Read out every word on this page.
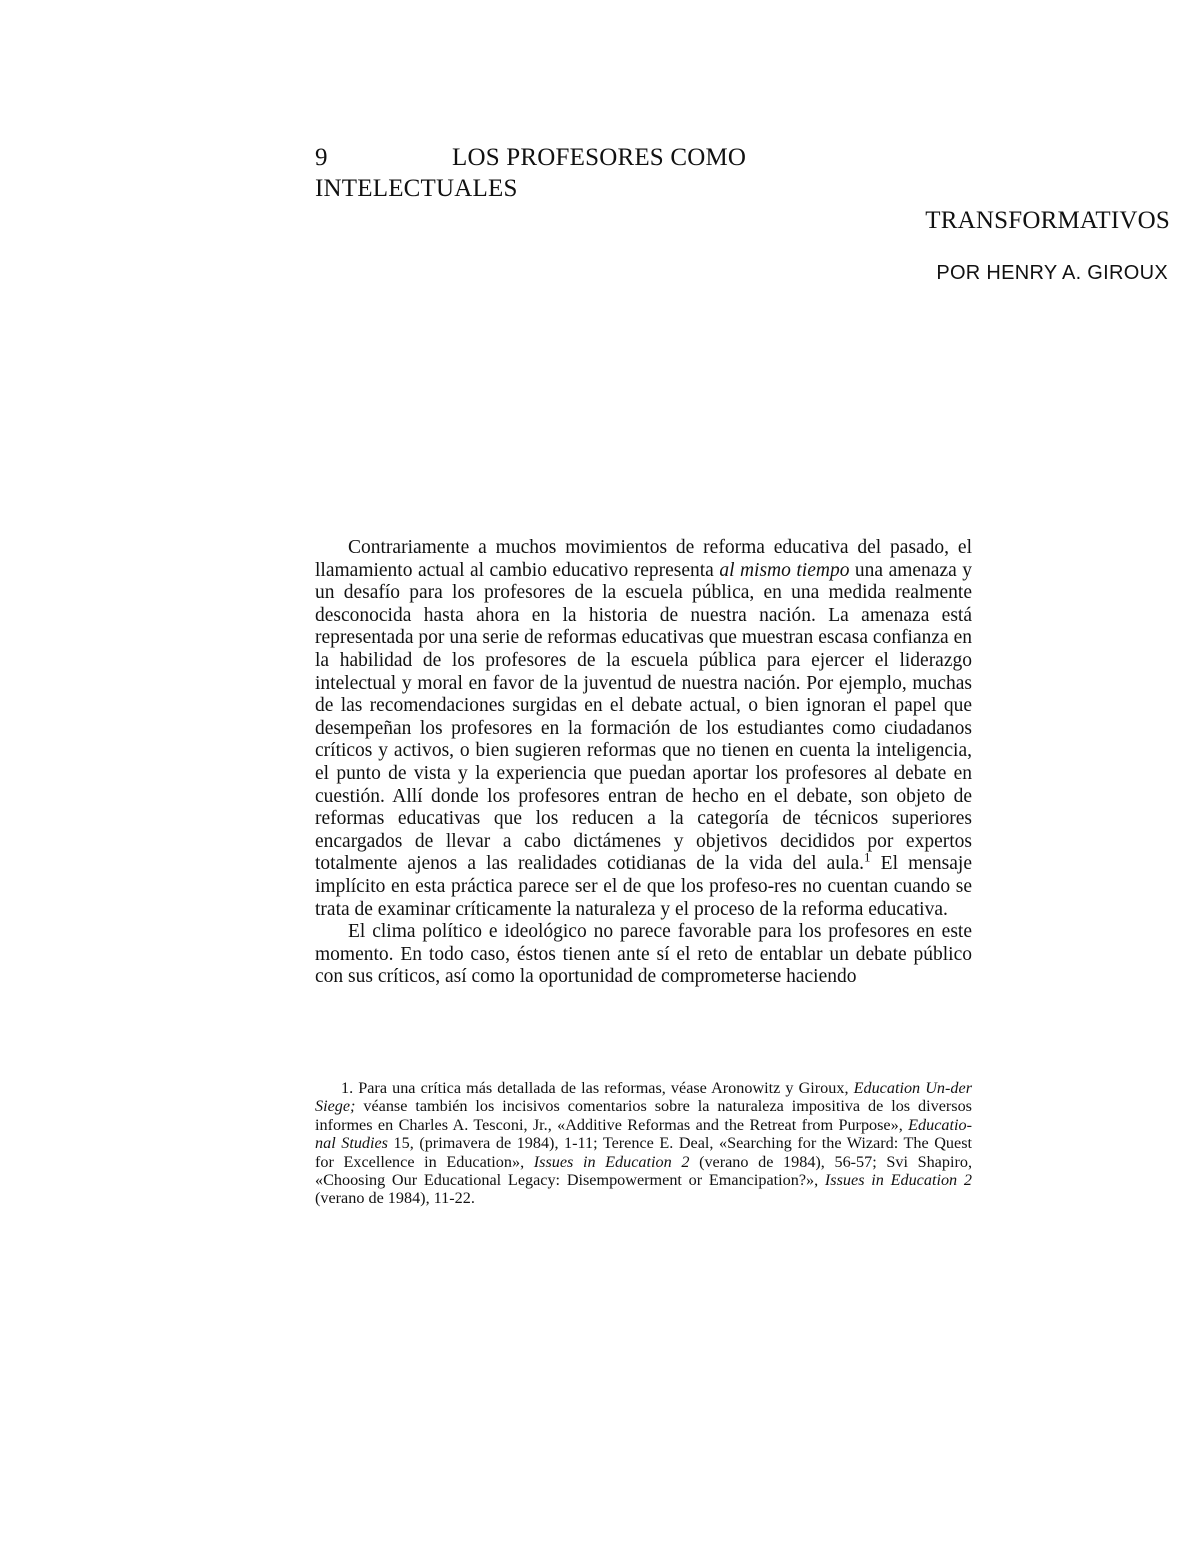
9	LOS PROFESORES COMO
INTELECTUALES
TRANSFORMATIVOS
POR HENRY A. GIROUX

Contrariamente a muchos movimientos de reforma educativa del pasado, el llamamiento actual al cambio educativo representa al mismo tiempo una amenaza y un desafío para los profesores de la escuela pública, en una medida realmente desconocida hasta ahora en la historia de nuestra nación. La amenaza está representada por una serie de reformas educativas que muestran escasa confianza en la habilidad de los profesores de la escuela pública para ejercer el liderazgo intelectual y moral en favor de la juventud de nuestra nación. Por ejemplo, muchas de las recomendaciones surgidas en el debate actual, o bien ignoran el papel que desempeñan los profesores en la formación de los estudiantes como ciudadanos críticos y activos, o bien sugieren reformas que no tienen en cuenta la inteligencia, el punto de vista y la experiencia que puedan aportar los profesores al debate en cuestión. Allí donde los profesores entran de hecho en el debate, son objeto de reformas educativas que los reducen a la categoría de técnicos superiores encargados de llevar a cabo dictámenes y objetivos decididos por expertos totalmente ajenos a las realidades cotidianas de la vida del aula.$^1$ El mensaje implícito en esta práctica parece ser el de que los profeso-res no cuentan cuando se trata de examinar críticamente la naturaleza y el proceso de la reforma educativa.

El clima político e ideológico no parece favorable para los profesores en este momento. En todo caso, éstos tienen ante sí el reto de entablar un debate público con sus críticos, así como la oportunidad de comprometerse haciendo

1. Para una crítica más detallada de las reformas, véase Aronowitz y Giroux, Education Un-der Siege; véanse también los incisivos comentarios sobre la naturaleza impositiva de los diversos informes en Charles A. Tesconi, Jr., «Additive Reformas and the Retreat from Purpose», Educatio-nal Studies 15, (primavera de 1984), 1-11; Terence E. Deal, «Searching for the Wizard: The Quest for Excellence in Education», Issues in Education 2 (verano de 1984), 56-57; Svi Shapiro, «Choosing Our Educational Legacy: Disempowerment or Emancipation?», Issues in Education 2 (verano de 1984), 11-22.
